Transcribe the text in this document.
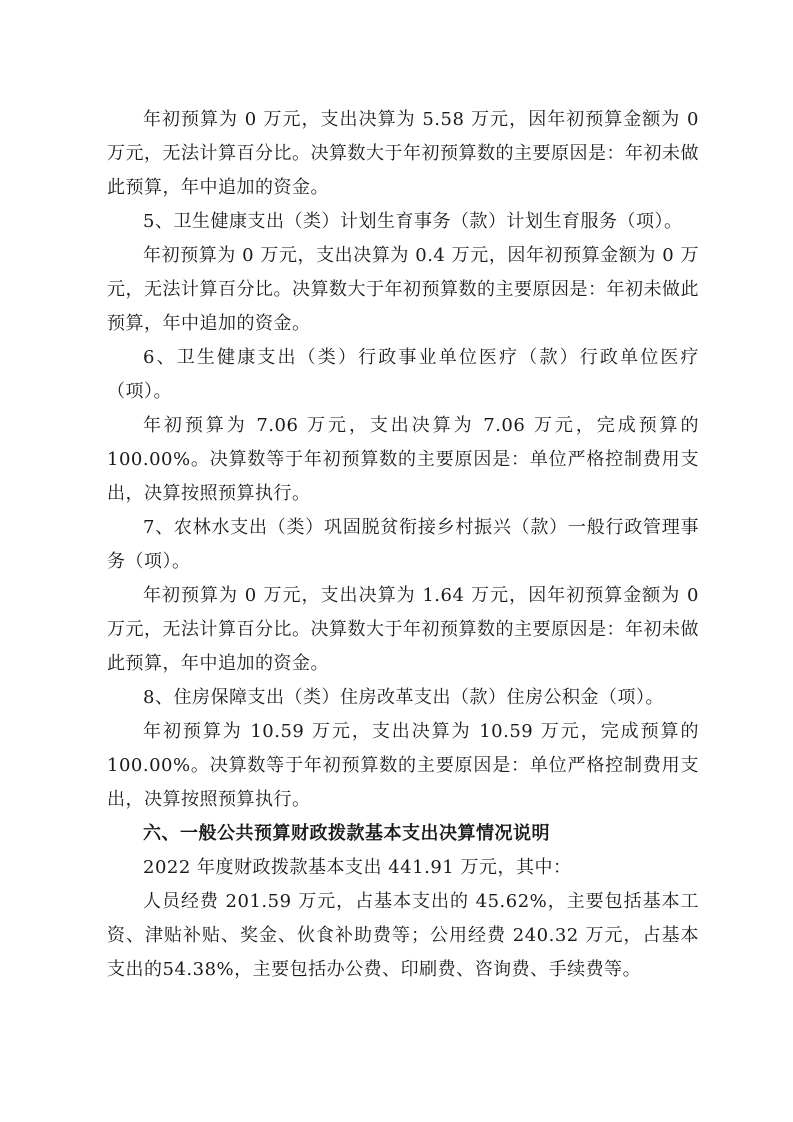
年初预算为 0 万元，支出决算为 5.58 万元，因年初预算金额为 0 万元，无法计算百分比。决算数大于年初预算数的主要原因是：年初未做此预算，年中追加的资金。

5、卫生健康支出（类）计划生育事务（款）计划生育服务（项）。

年初预算为 0 万元，支出决算为 0.4 万元，因年初预算金额为 0 万元，无法计算百分比。决算数大于年初预算数的主要原因是：年初未做此预算，年中追加的资金。

6、卫生健康支出（类）行政事业单位医疗（款）行政单位医疗（项）。

年初预算为 7.06 万元，支出决算为 7.06 万元，完成预算的100.00%。决算数等于年初预算数的主要原因是：单位严格控制费用支出，决算按照预算执行。

7、农林水支出（类）巩固脱贫衔接乡村振兴（款）一般行政管理事务（项）。

年初预算为 0 万元，支出决算为 1.64 万元，因年初预算金额为 0 万元，无法计算百分比。决算数大于年初预算数的主要原因是：年初未做此预算，年中追加的资金。

8、住房保障支出（类）住房改革支出（款）住房公积金（项）。

年初预算为 10.59 万元，支出决算为 10.59 万元，完成预算的100.00%。决算数等于年初预算数的主要原因是：单位严格控制费用支出，决算按照预算执行。

六、一般公共预算财政拨款基本支出决算情况说明

2022 年度财政拨款基本支出 441.91 万元，其中：

人员经费 201.59 万元，占基本支出的 45.62%，主要包括基本工资、津贴补贴、奖金、伙食补助费等；公用经费 240.32 万元，占基本支出的54.38%，主要包括办公费、印刷费、咨询费、手续费等。
